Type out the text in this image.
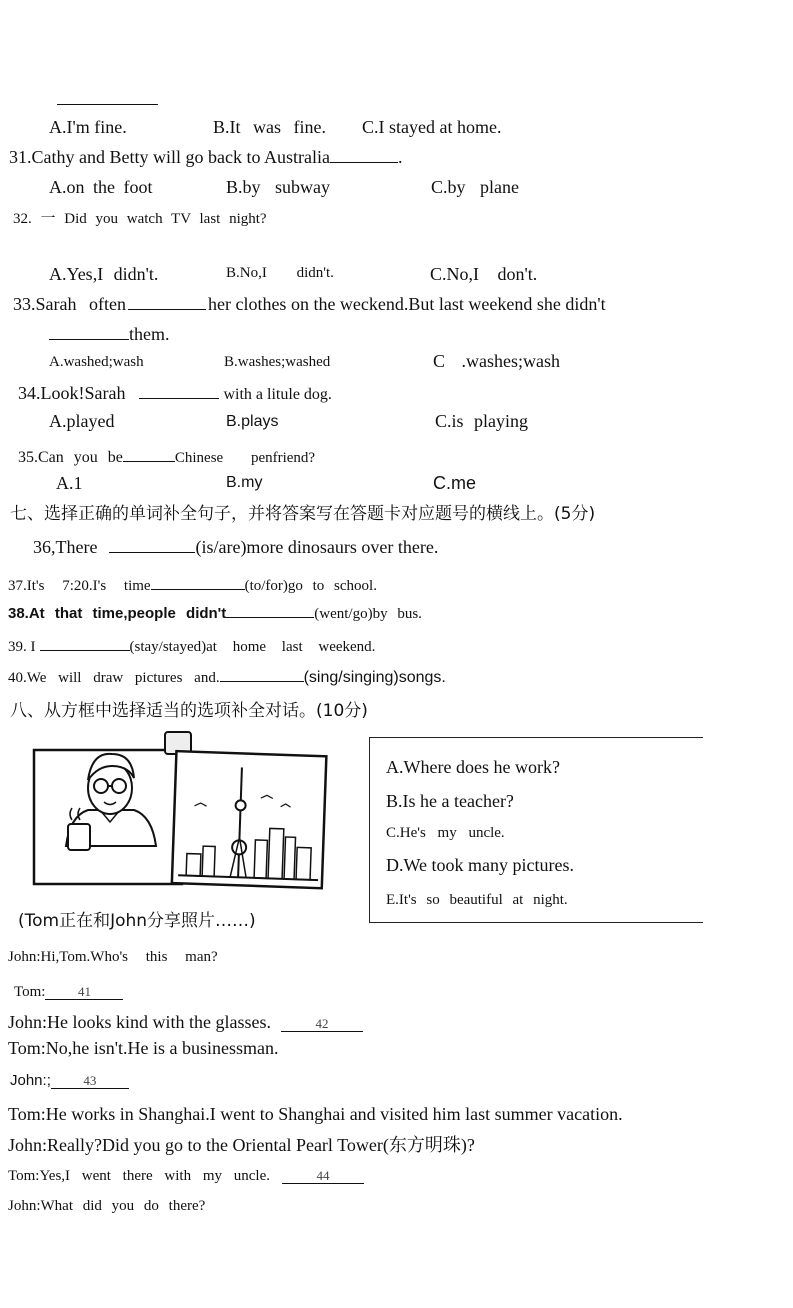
A.I'm fine.	B.It was fine. C.I stayed at home.
31.Cathy and Betty will go back to Australia	.
A.on the foot	B.by subway	C.by plane
32. 一 Did you watch TV last night?
A.Yes,I didn't.	B.No,I didn't.	C.No,I don't.
33.Sarah often	her clothes on the weckend.But last weekend she didn't
them.
A.washed;wash	B.washes;washed	C .washes;wash
34.Look!Sarah	with a litule dog.
A.played	B.plays	C.is playing
35.Can you be	Chinese penfriend?
A.1	B.my	C.me
七、选择正确的单词补全句子，并将答案写在答题卡对应题号的横线上。(5分)
36,There	(is/are)more dinosaurs over there.
37.It's 7:20.I's time	(to/for)go to school.
38.At that time,people didn't	(went/go)by bus.
39. I	(stay/stayed)at home last weekend.
40.We will draw pictures and.	(sing/singing)songs.
八、从方框中选择适当的选项补全对话。(10分)
(Tom正在和John分享照片……)
A.Where does he work?
B.Is he a teacher?
C.He's my uncle.
D.We took many pictures.
E.It's so beautiful at night.
John:Hi,Tom.Who's this man?
Tom:	41
John:He looks kind with the glasses.	42
Tom:No,he isn't.He is a businessman.
John:;	43
Tom:He works in Shanghai.I went to Shanghai and visited him last summer vacation.
John:Really?Did you go to the Oriental Pearl Tower(东方明珠)?
Tom:Yes,I went there with my uncle.	44
John:What did you do there?
